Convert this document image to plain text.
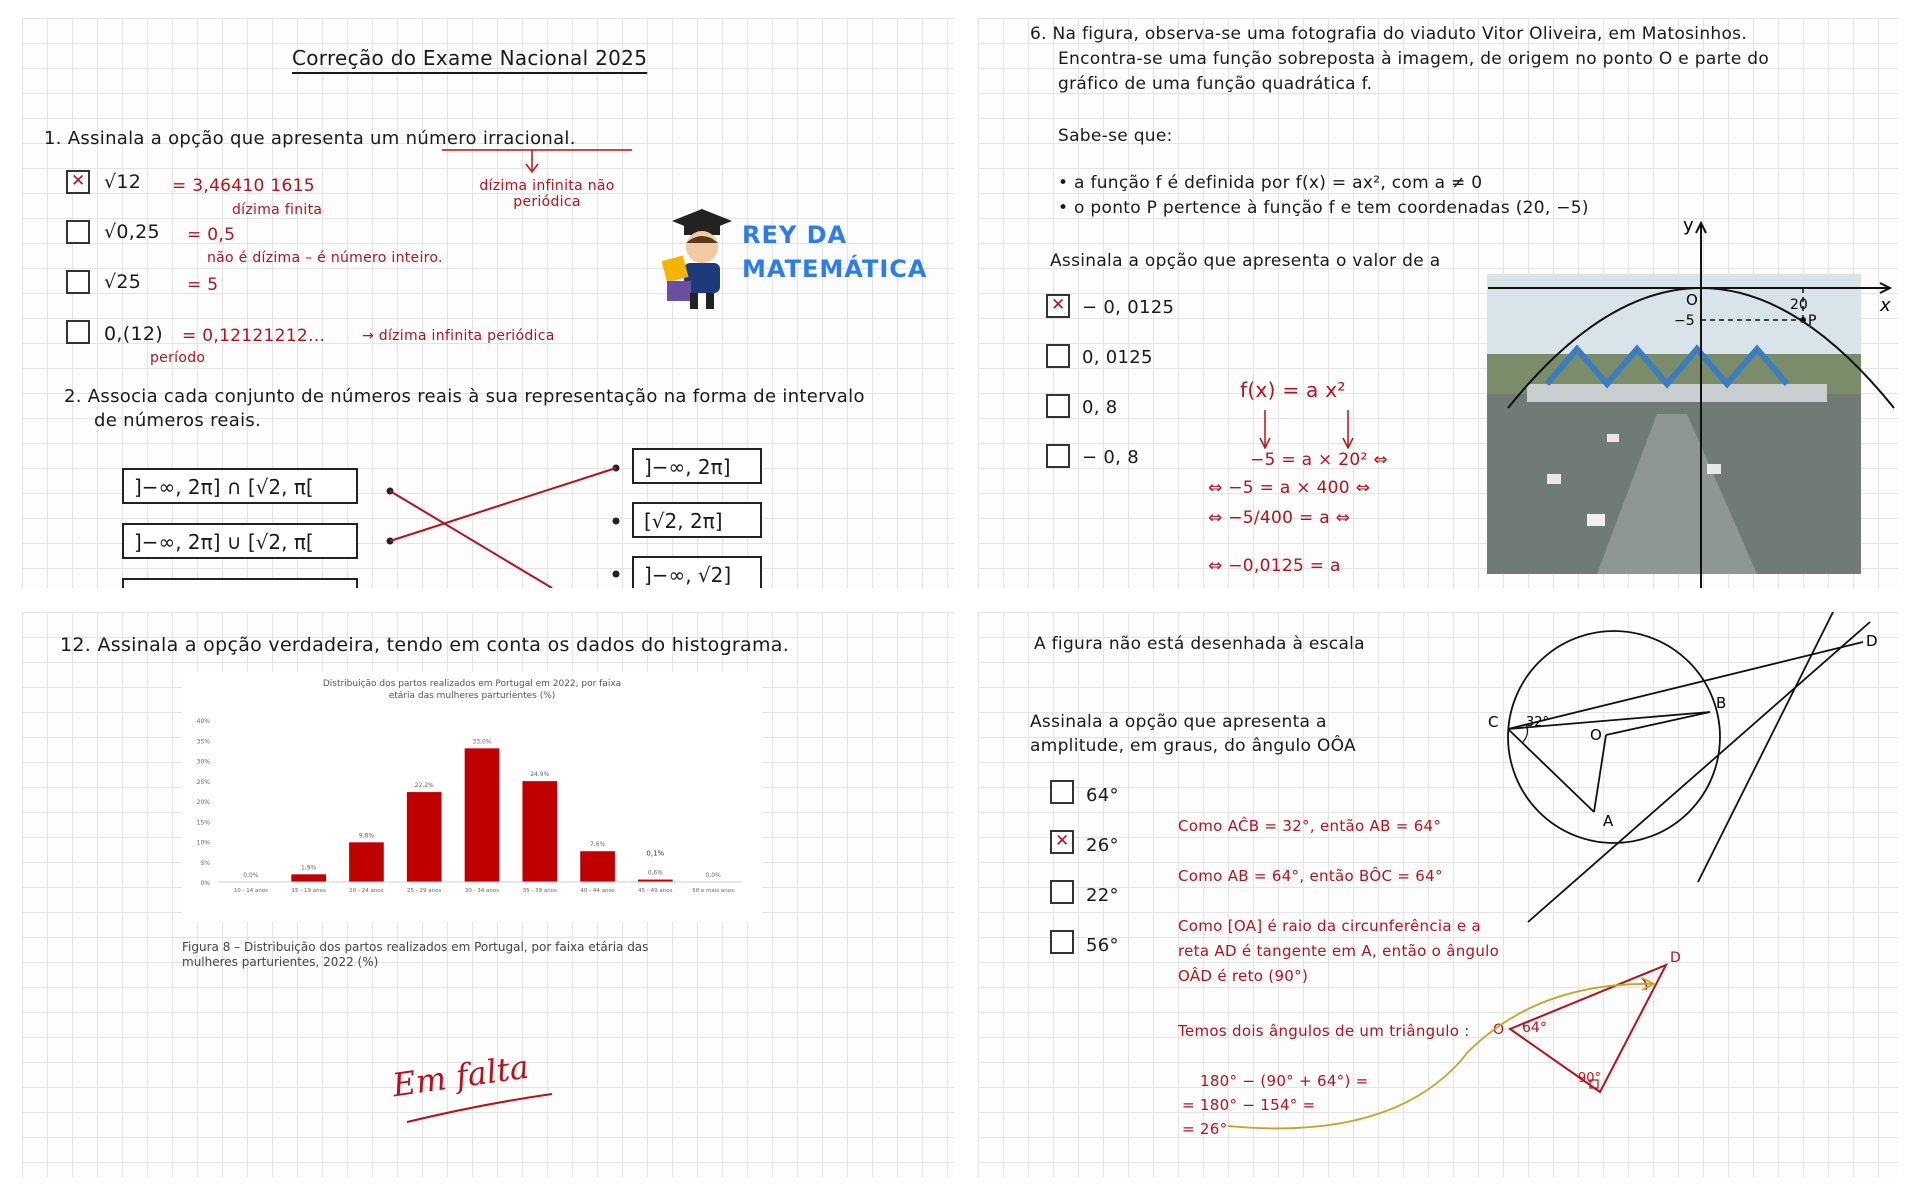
Correção do Exame Nacional 2025
1. Assinala a opção que apresenta um número irracional.
dízima infinita não periódica
✕
√12 = 3,46410 1615
√0,25 = 0,5
dízima finita
√25	= 5
não é dízima – é número inteiro.
0,(12) = 0,12121212…	→ dízima infinita periódica
período
REY DA
MATEMÁTICA
2. Associa cada conjunto de números reais à sua representação na forma de intervalo
de números reais.
]−∞, 2π] ∩ [√2, π[
]−∞, 2π] ∪ [√2, π[
]−∞, 2π]
[√2, 2π]
]−∞, √2]
6. Na figura, observa-se uma fotografia do viaduto Vitor Oliveira, em Matosinhos.
Encontra-se uma função sobreposta à imagem, de origem no ponto O e parte do
gráfico de uma função quadrática f.
Sabe-se que:
• a função f é definida por f(x) = ax², com a ≠ 0
• o ponto P pertence à função f e tem coordenadas (20, −5)
Assinala a opção que apresenta o valor de a
✕
− 0, 0125
0, 0125
0, 8
− 0, 8
f(x) = a x²
−5 = a × 20² ⇔
⇔ −5 = a × 400 ⇔
⇔ −5/400 = a ⇔
⇔ −0,0125 = a
y
x
O	20
−5	P
12. Assinala a opção verdadeira, tendo em conta os dados do histograma.
Distribuição dos partos realizados em Portugal em 2022, por faixa etária das mulheres parturientes (%)
0%
5%
10%
15%
20%
25%
30%
35%
40%
0,0%
10 - 14 anos
1,9%
15 - 19 anos
9,8%
20 - 24 anos
22,2%
25 - 29 anos
33,0%
30 - 34 anos
24,9%
35 - 39 anos
7,6%
40 - 44 anos
0,6%
45 - 49 anos
0,0%
50 e mais anos
0,1%
Figura 8 – Distribuição dos partos realizados em Portugal, por faixa etária das mulheres parturientes, 2022 (%)
Em falta
A figura não está desenhada à escala
Assinala a opção que apresenta a
amplitude, em graus, do ângulo OÔA
64°
✕
26°
22°
56°
Como AĈB = 32°, então AB = 64°
Como AB = 64°, então BÔC = 64°
Como [OA] é raio da circunferência e a
reta AD é tangente em A, então o ângulo
OÂD é reto (90°)
Temos dois ângulos de um triângulo :
180° − (90° + 64°) =
= 180° − 154° =
= 26°
C
B
O
A
D
32°
O
D
64°
90°
